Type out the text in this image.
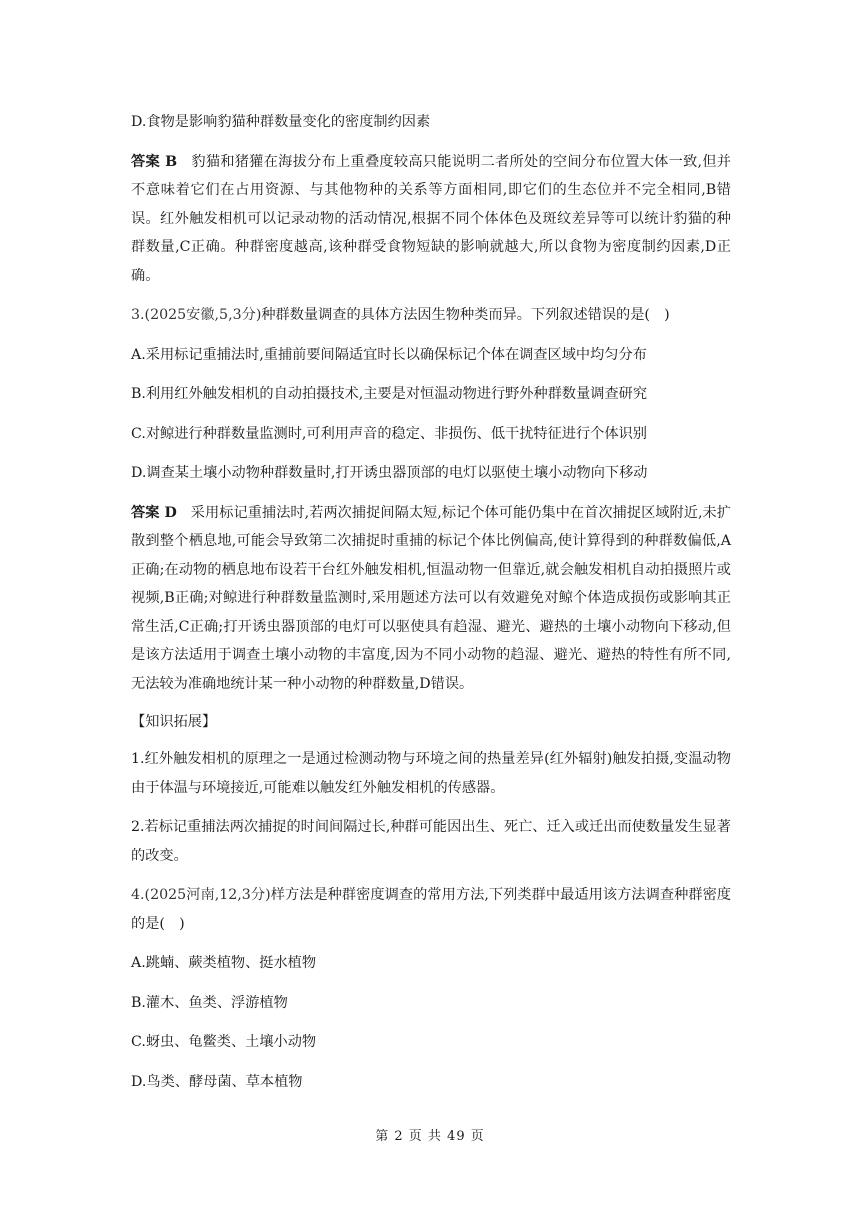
D.食物是影响豹猫种群数量变化的密度制约因素

答案 B 豹猫和猪獾在海拔分布上重叠度较高只能说明二者所处的空间分布位置大体一致,但并不意味着它们在占用资源、与其他物种的关系等方面相同,即它们的生态位并不完全相同,B错误。红外触发相机可以记录动物的活动情况,根据不同个体体色及斑纹差异等可以统计豹猫的种群数量,C正确。种群密度越高,该种群受食物短缺的影响就越大,所以食物为密度制约因素,D正确。

3.(2025安徽,5,3分)种群数量调查的具体方法因生物种类而异。下列叙述错误的是(　)

A.采用标记重捕法时,重捕前要间隔适宜时长以确保标记个体在调查区域中均匀分布

B.利用红外触发相机的自动拍摄技术,主要是对恒温动物进行野外种群数量调查研究

C.对鲸进行种群数量监测时,可利用声音的稳定、非损伤、低干扰特征进行个体识别

D.调查某土壤小动物种群数量时,打开诱虫器顶部的电灯以驱使土壤小动物向下移动

答案 D 采用标记重捕法时,若两次捕捉间隔太短,标记个体可能仍集中在首次捕捉区域附近,未扩散到整个栖息地,可能会导致第二次捕捉时重捕的标记个体比例偏高,使计算得到的种群数偏低,A正确;在动物的栖息地布设若干台红外触发相机,恒温动物一但靠近,就会触发相机自动拍摄照片或视频,B正确;对鲸进行种群数量监测时,采用题述方法可以有效避免对鲸个体造成损伤或影响其正常生活,C正确;打开诱虫器顶部的电灯可以驱使具有趋湿、避光、避热的土壤小动物向下移动,但是该方法适用于调查土壤小动物的丰富度,因为不同小动物的趋湿、避光、避热的特性有所不同,无法较为准确地统计某一种小动物的种群数量,D错误。

【知识拓展】

1.红外触发相机的原理之一是通过检测动物与环境之间的热量差异(红外辐射)触发拍摄,变温动物由于体温与环境接近,可能难以触发红外触发相机的传感器。

2.若标记重捕法两次捕捉的时间间隔过长,种群可能因出生、死亡、迁入或迁出而使数量发生显著的改变。

4.(2025河南,12,3分)样方法是种群密度调查的常用方法,下列类群中最适用该方法调查种群密度的是(　)

A.跳蝻、蕨类植物、挺水植物

B.灌木、鱼类、浮游植物

C.蚜虫、龟鳖类、土壤小动物

D.鸟类、酵母菌、草本植物

第 2 页 共 49 页
